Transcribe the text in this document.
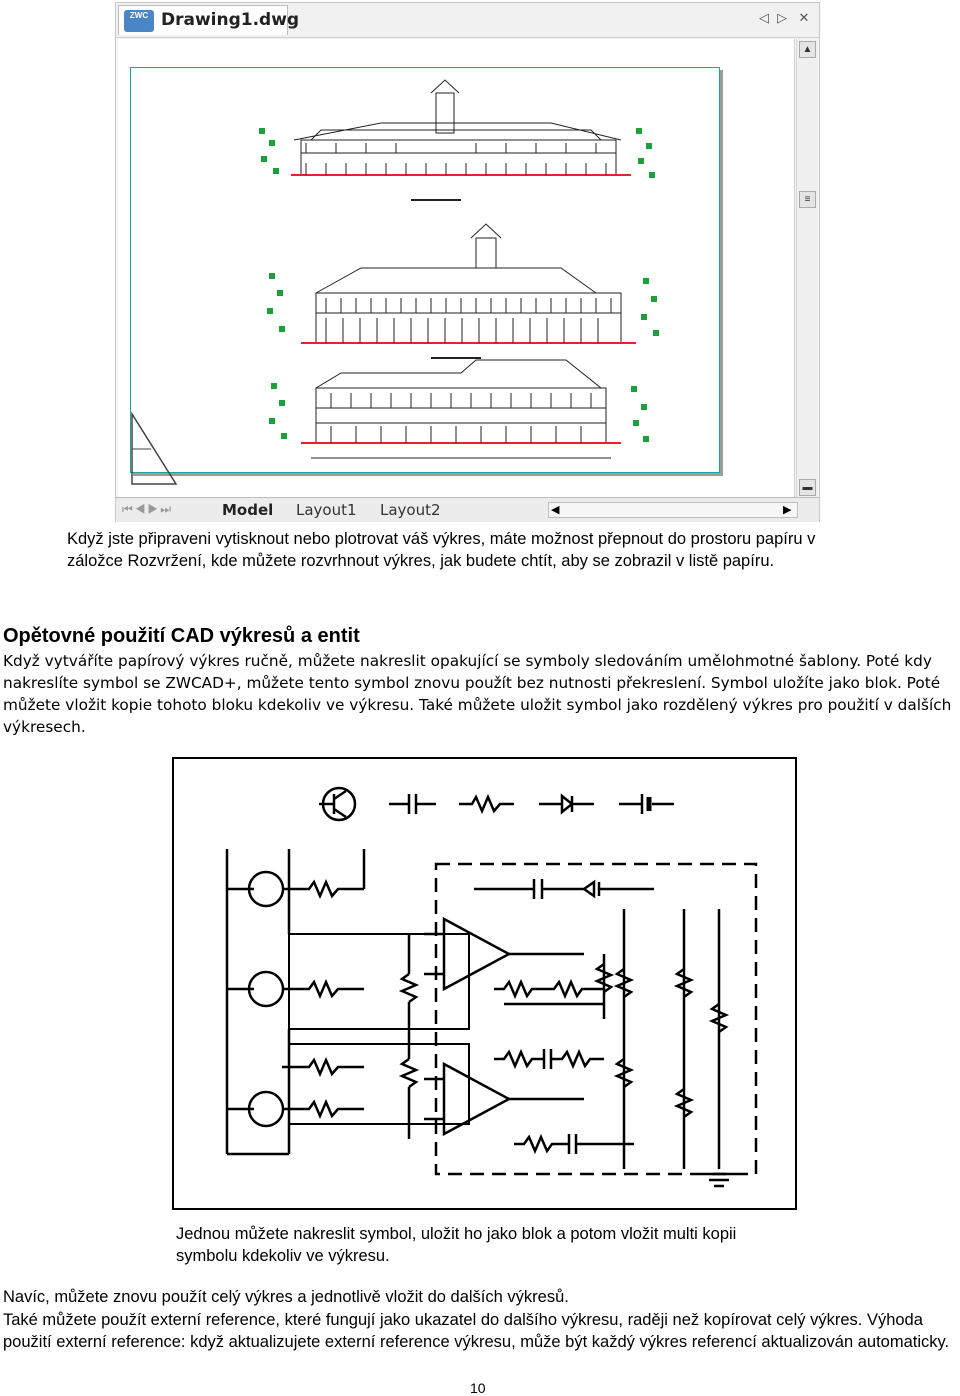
ZWC Drawing1.dwg	◁ ▷ ✕
▲
≡
▬
⏮◀▶⏭	Model Layout1 Layout2	◀	▶
Když jste připraveni vytisknout nebo plotrovat váš výkres, máte možnost přepnout do prostoru papíru v záložce Rozvržení, kde můžete rozvrhnout výkres, jak budete chtít, aby se zobrazil v listě papíru.
Opětovné použití CAD výkresů a entit
Když vytváříte papírový výkres ručně, můžete nakreslit opakující se symboly sledováním umělohmotné šablony. Poté kdy nakreslíte symbol se ZWCAD+, můžete tento symbol znovu použít bez nutnosti překreslení. Symbol uložíte jako blok. Poté můžete vložit kopie tohoto bloku kdekoliv ve výkresu. Také můžete uložit symbol jako rozdělený výkres pro použití v dalších výkresech.
Jednou můžete nakreslit symbol, uložit ho jako blok a potom vložit multi kopii symbolu kdekoliv ve výkresu.
Navíc, můžete znovu použít celý výkres a jednotlivě vložit do dalších výkresů.
Také můžete použít externí reference, které fungují jako ukazatel do dalšího výkresu, raději než kopírovat celý výkres. Výhoda použití externí reference: když aktualizujete externí reference výkresu, může být každý výkres referencí aktualizován automaticky.
10
